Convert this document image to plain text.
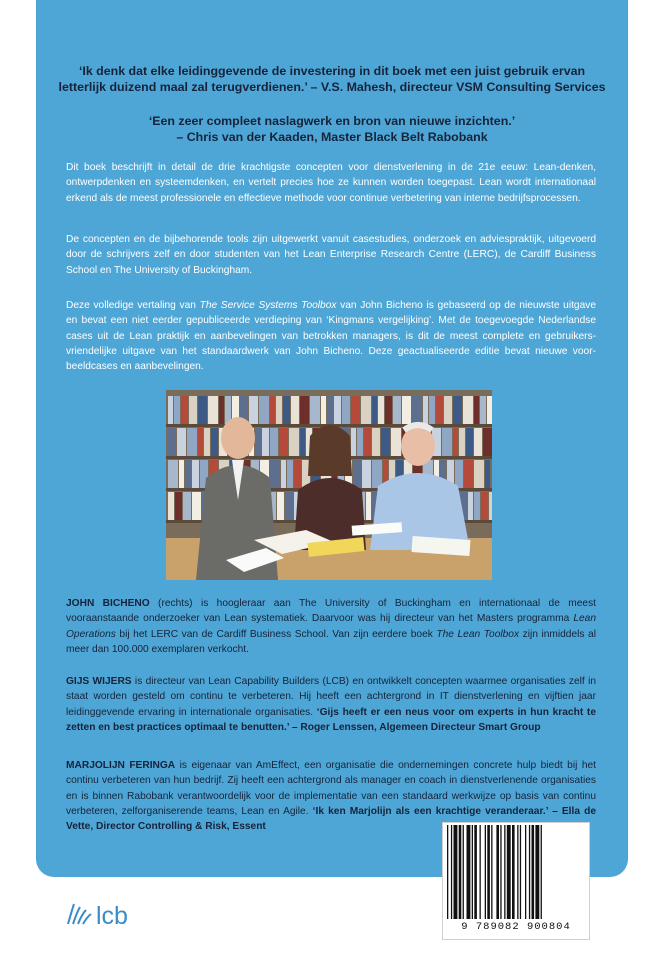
‘Ik denk dat elke leidinggevende de investering in dit boek met een juist gebruik ervan
letterlijk duizend maal zal terugverdienen.’ – V.S. Mahesh, directeur VSM Consulting Services
‘Een zeer compleet naslagwerk en bron van nieuwe inzichten.’
– Chris van der Kaaden, Master Black Belt Rabobank

Dit boek beschrijft in detail de drie krachtigste concepten voor dienstverlening in de 21e eeuw: Lean-denken, ontwerpdenken en systeemdenken, en vertelt precies hoe ze kunnen worden toegepast. Lean wordt internationaal erkend als de meest professionele en effectieve methode voor continue verbetering van interne bedrijfsprocessen.

De concepten en de bijbehorende tools zijn uitgewerkt vanuit casestudies, onderzoek en adviespraktijk, uitgevoerd door de schrijvers zelf en door studenten van het Lean Enterprise Research Centre (LERC), de Cardiff Business School en The University of Buckingham.

Deze volledige vertaling van The Service Systems Toolbox van John Bicheno is gebaseerd op de nieuwste uitgave en bevat een niet eerder gepubliceerde verdieping van ‘Kingmans vergelijking’. Met de toegevoegde Nederlandse cases uit de Lean praktijk en aanbevelingen van betrokken managers, is dit de meest complete en gebruikers-vriendelijke uitgave van het standaardwerk van John Bicheno. Deze geactualiseerde editie bevat nieuwe voor-beeldcases en aanbevelingen.

JOHN BICHENO (rechts) is hoogleraar aan The University of Buckingham en internationaal de meest vooraanstaande onderzoeker van Lean systematiek. Daarvoor was hij directeur van het Masters programma Lean Operations bij het LERC van de Cardiff Business School. Van zijn eerdere boek The Lean Toolbox zijn inmiddels al meer dan 100.000 exemplaren verkocht.

GIJS WIJERS is directeur van Lean Capability Builders (LCB) en ontwikkelt concepten waarmee organisaties zelf in staat worden gesteld om continu te verbeteren. Hij heeft een achtergrond in IT dienstverlening en vijftien jaar leidinggevende ervaring in internationale organisaties. ‘Gijs heeft er een neus voor om experts in hun kracht te zetten en best practices optimaal te benutten.’ – Roger Lenssen, Algemeen Directeur Smart Group

MARJOLIJN FERINGA is eigenaar van AmEffect, een organisatie die ondernemingen concrete hulp biedt bij het continu verbeteren van hun bedrijf. Zij heeft een achtergrond als manager en coach in dienstverlenende organisaties en is binnen Rabobank verantwoordelijk voor de implementatie van een standaard werkwijze op basis van continu verbeteren, zelforganiserende teams, Lean en Agile. ‘Ik ken Marjolijn als een krachtige veranderaar.’ – Ella de Vette, Director Controlling & Risk, Essent

lcb	9 789082 900804
